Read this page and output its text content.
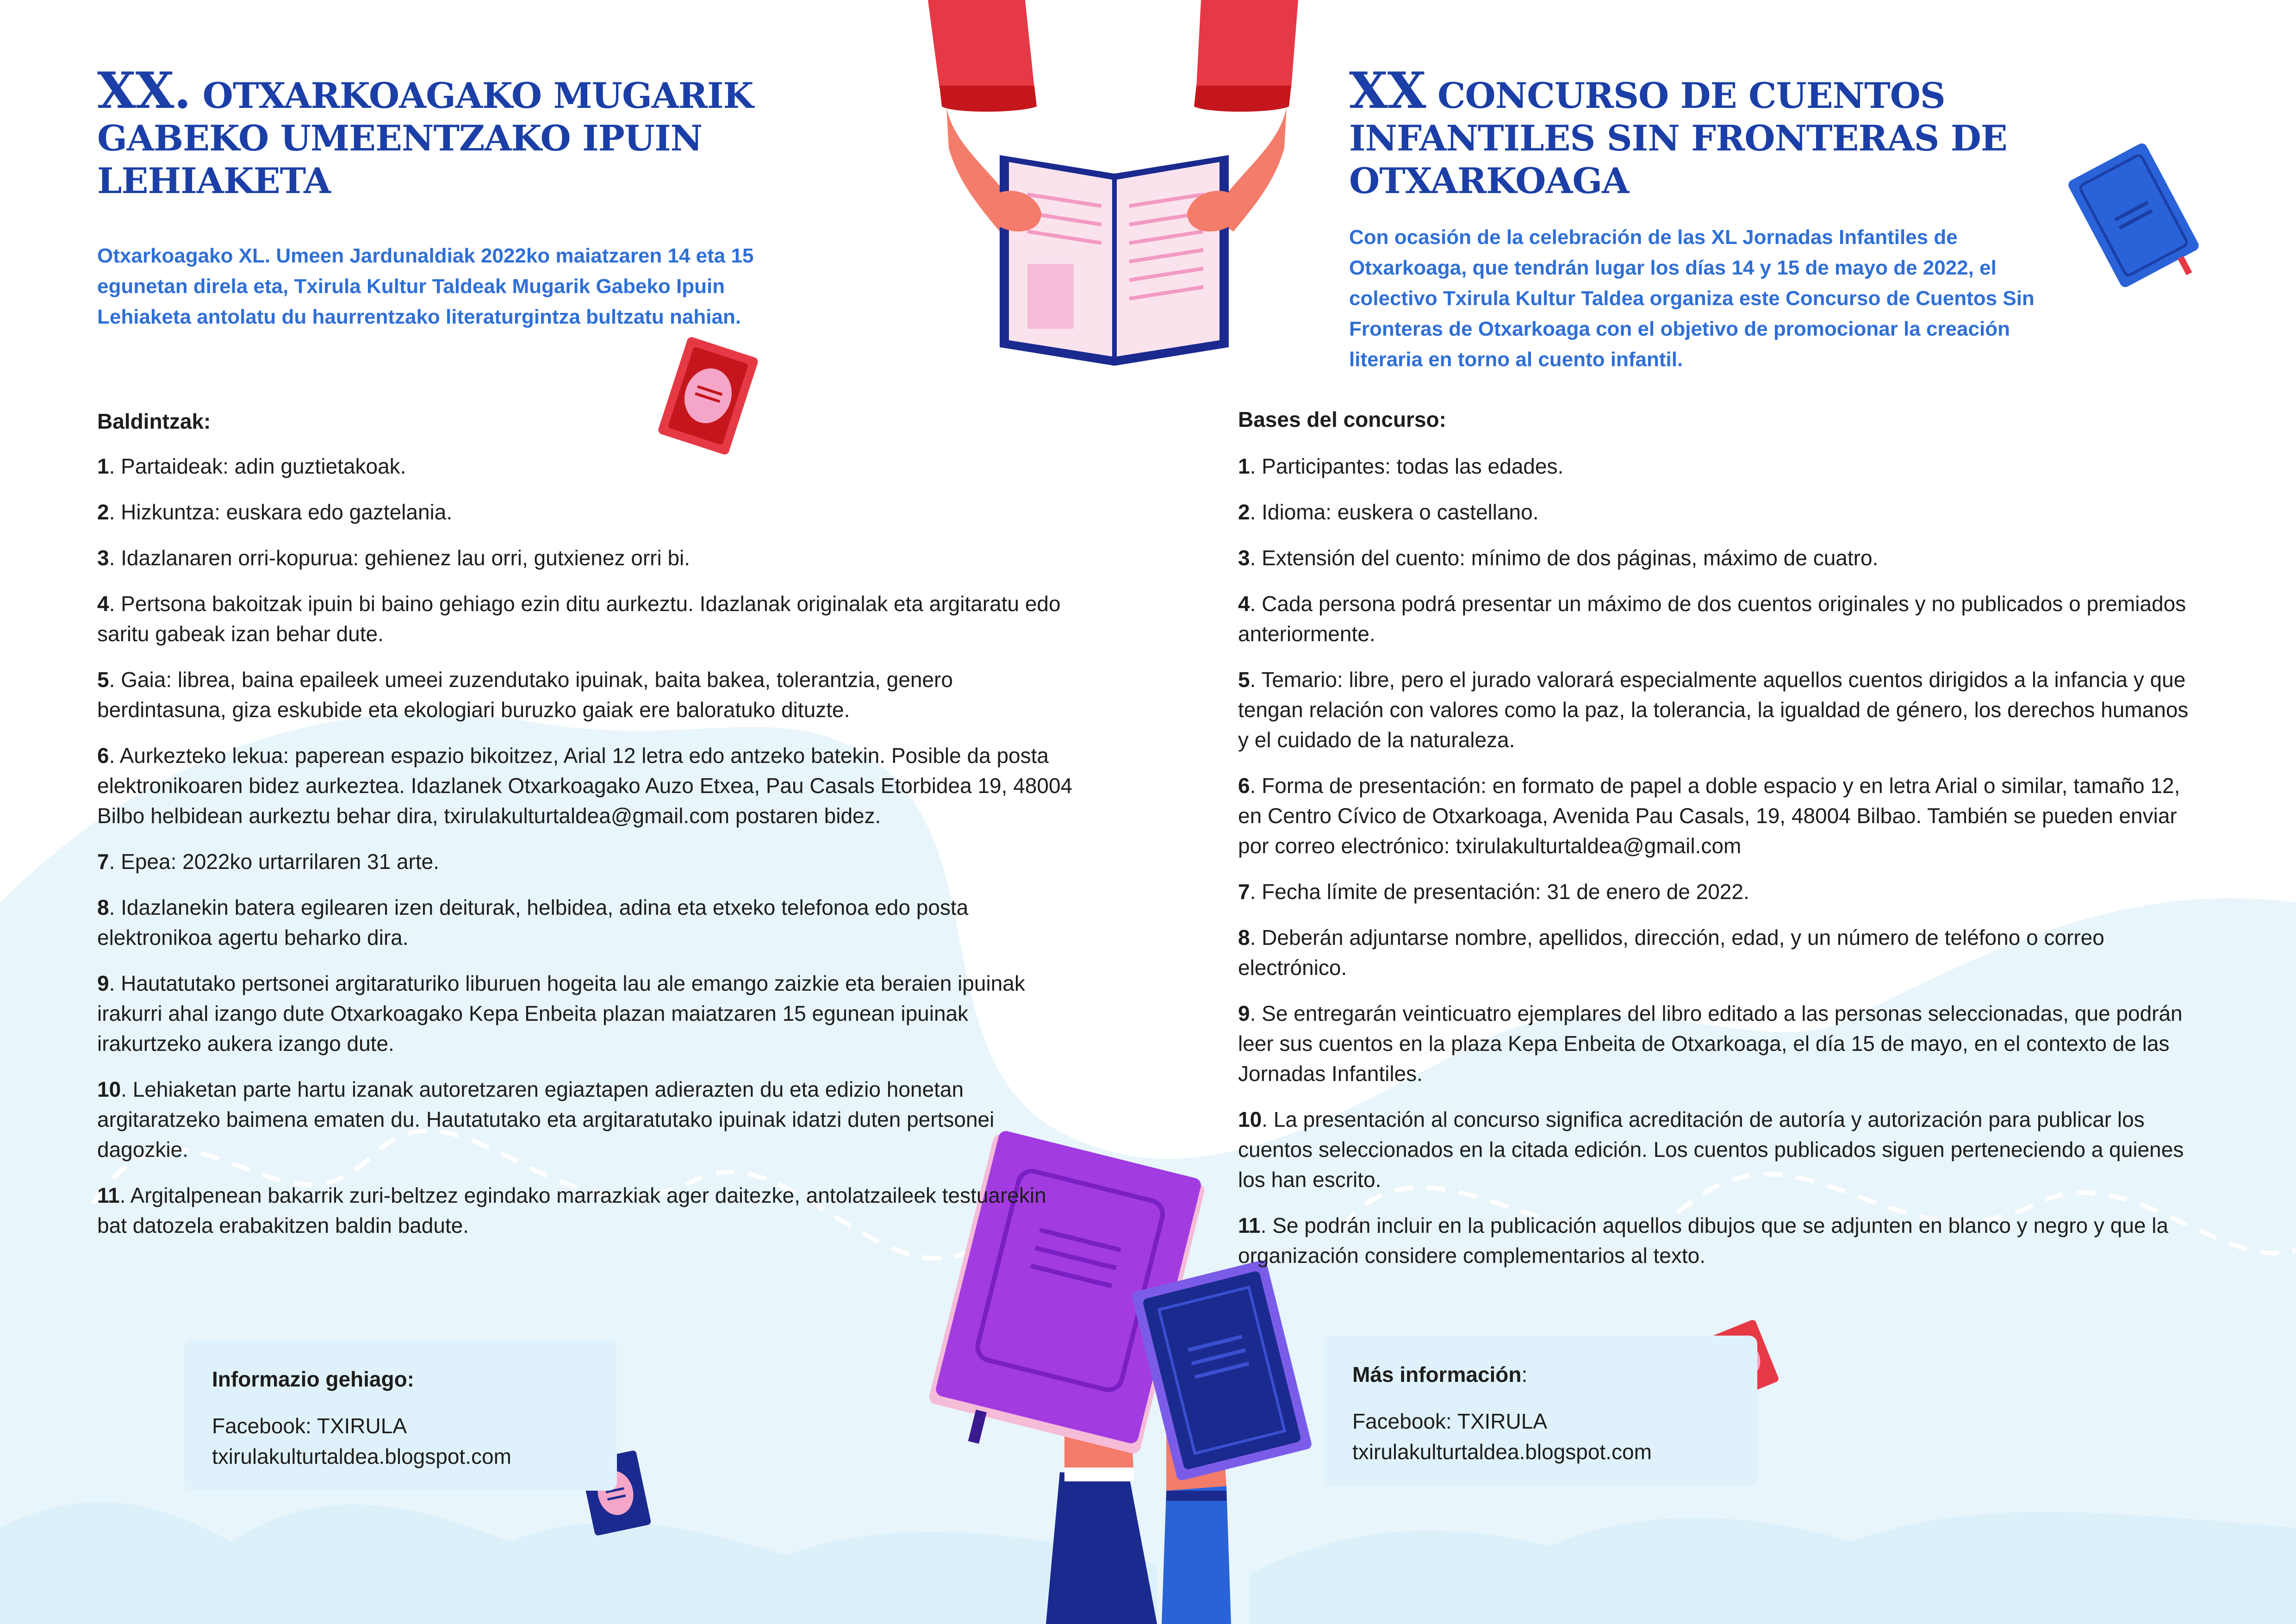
XX. OTXARKOAGAKO MUGARIK GABEKO UMEENTZAKO IPUIN LEHIAKETA

Otxarkoagako XL. Umeen Jardunaldiak 2022ko maiatzaren 14 eta 15 egunetan direla eta, Txirula Kultur Taldeak Mugarik Gabeko Ipuin Lehiaketa antolatu du haurrentzako literaturgintza bultzatu nahian.

Baldintzak:
1. Partaideak: adin guztietakoak.
2. Hizkuntza: euskara edo gaztelania.
3. Idazlanaren orri-kopurua: gehienez lau orri, gutxienez orri bi.
4. Pertsona bakoitzak ipuin bi baino gehiago ezin ditu aurkeztu. Idazlanak originalak eta argitaratu edo saritu gabeak izan behar dute.
5. Gaia: librea, baina epaileek umeei zuzendutako ipuinak, baita bakea, tolerantzia, genero berdintasuna, giza eskubide eta ekologiari buruzko gaiak ere baloratuko dituzte.
6. Aurkezteko lekua: paperean espazio bikoitzez, Arial 12 letra edo antzeko batekin. Posible da posta elektronikoaren bidez aurkeztea. Idazlanek Otxarkoagako Auzo Etxea, Pau Casals Etorbidea 19, 48004 Bilbo helbidean aurkeztu behar dira, txirulakulturtaldea@gmail.com postaren bidez.
7. Epea: 2022ko urtarrilaren 31 arte.
8. Idazlanekin batera egilearen izen deiturak, helbidea, adina eta etxeko telefonoa edo posta elektronikoa agertu beharko dira.
9. Hautatutako pertsonei argitaraturiko liburuen hogeita lau ale emango zaizkie eta beraien ipuinak irakurri ahal izango dute Otxarkoagako Kepa Enbeita plazan maiatzaren 15 egunean ipuinak irakurtzeko aukera izango dute.
10. Lehiaketan parte hartu izanak autoretzaren egiaztapen adierazten du eta edizio honetan argitaratzeko baimena ematen du. Hautatutako eta argitaratutako ipuinak idatzi duten pertsonei dagozkie.
11. Argitalpenean bakarrik zuri-beltzez egindako marrazkiak ager daitezke, antolatzaileek testuarekin bat datozela erabakitzen baldin badute.

Informazio gehiago:

Facebook: TXIRULA

txirulakulturtaldea.blogspot.com

XX CONCURSO DE CUENTOS INFANTILES SIN FRONTERAS DE OTXARKOAGA

Con ocasión de la celebración de las XL Jornadas Infantiles de Otxarkoaga, que tendrán lugar los días 14 y 15 de mayo de 2022, el colectivo Txirula Kultur Taldea organiza este Concurso de Cuentos Sin Fronteras de Otxarkoaga con el objetivo de promocionar la creación literaria en torno al cuento infantil.

Bases del concurso:
1. Participantes: todas las edades.
2. Idioma: euskera o castellano.
3. Extensión del cuento: mínimo de dos páginas, máximo de cuatro.
4. Cada persona podrá presentar un máximo de dos cuentos originales y no publicados o premiados anteriormente.
5. Temario: libre, pero el jurado valorará especialmente aquellos cuentos dirigidos a la infancia y que tengan relación con valores como la paz, la tolerancia, la igualdad de género, los derechos humanos y el cuidado de la naturaleza.
6. Forma de presentación: en formato de papel a doble espacio y en letra Arial o similar, tamaño 12, en Centro Cívico de Otxarkoaga, Avenida Pau Casals, 19, 48004 Bilbao. También se pueden enviar por correo electrónico: txirulakulturtaldea@gmail.com
7. Fecha límite de presentación: 31 de enero de 2022.
8. Deberán adjuntarse nombre, apellidos, dirección, edad, y un número de teléfono o correo electrónico.
9. Se entregarán veinticuatro ejemplares del libro editado a las personas seleccionadas, que podrán leer sus cuentos en la plaza Kepa Enbeita de Otxarkoaga, el día 15 de mayo, en el contexto de las Jornadas Infantiles.
10. La presentación al concurso significa acreditación de autoría y autorización para publicar los cuentos seleccionados en la citada edición. Los cuentos publicados siguen perteneciendo a quienes los han escrito.
11. Se podrán incluir en la publicación aquellos dibujos que se adjunten en blanco y negro y que la organización considere complementarios al texto.

Más información:

Facebook: TXIRULA

txirulakulturtaldea.blogspot.com
